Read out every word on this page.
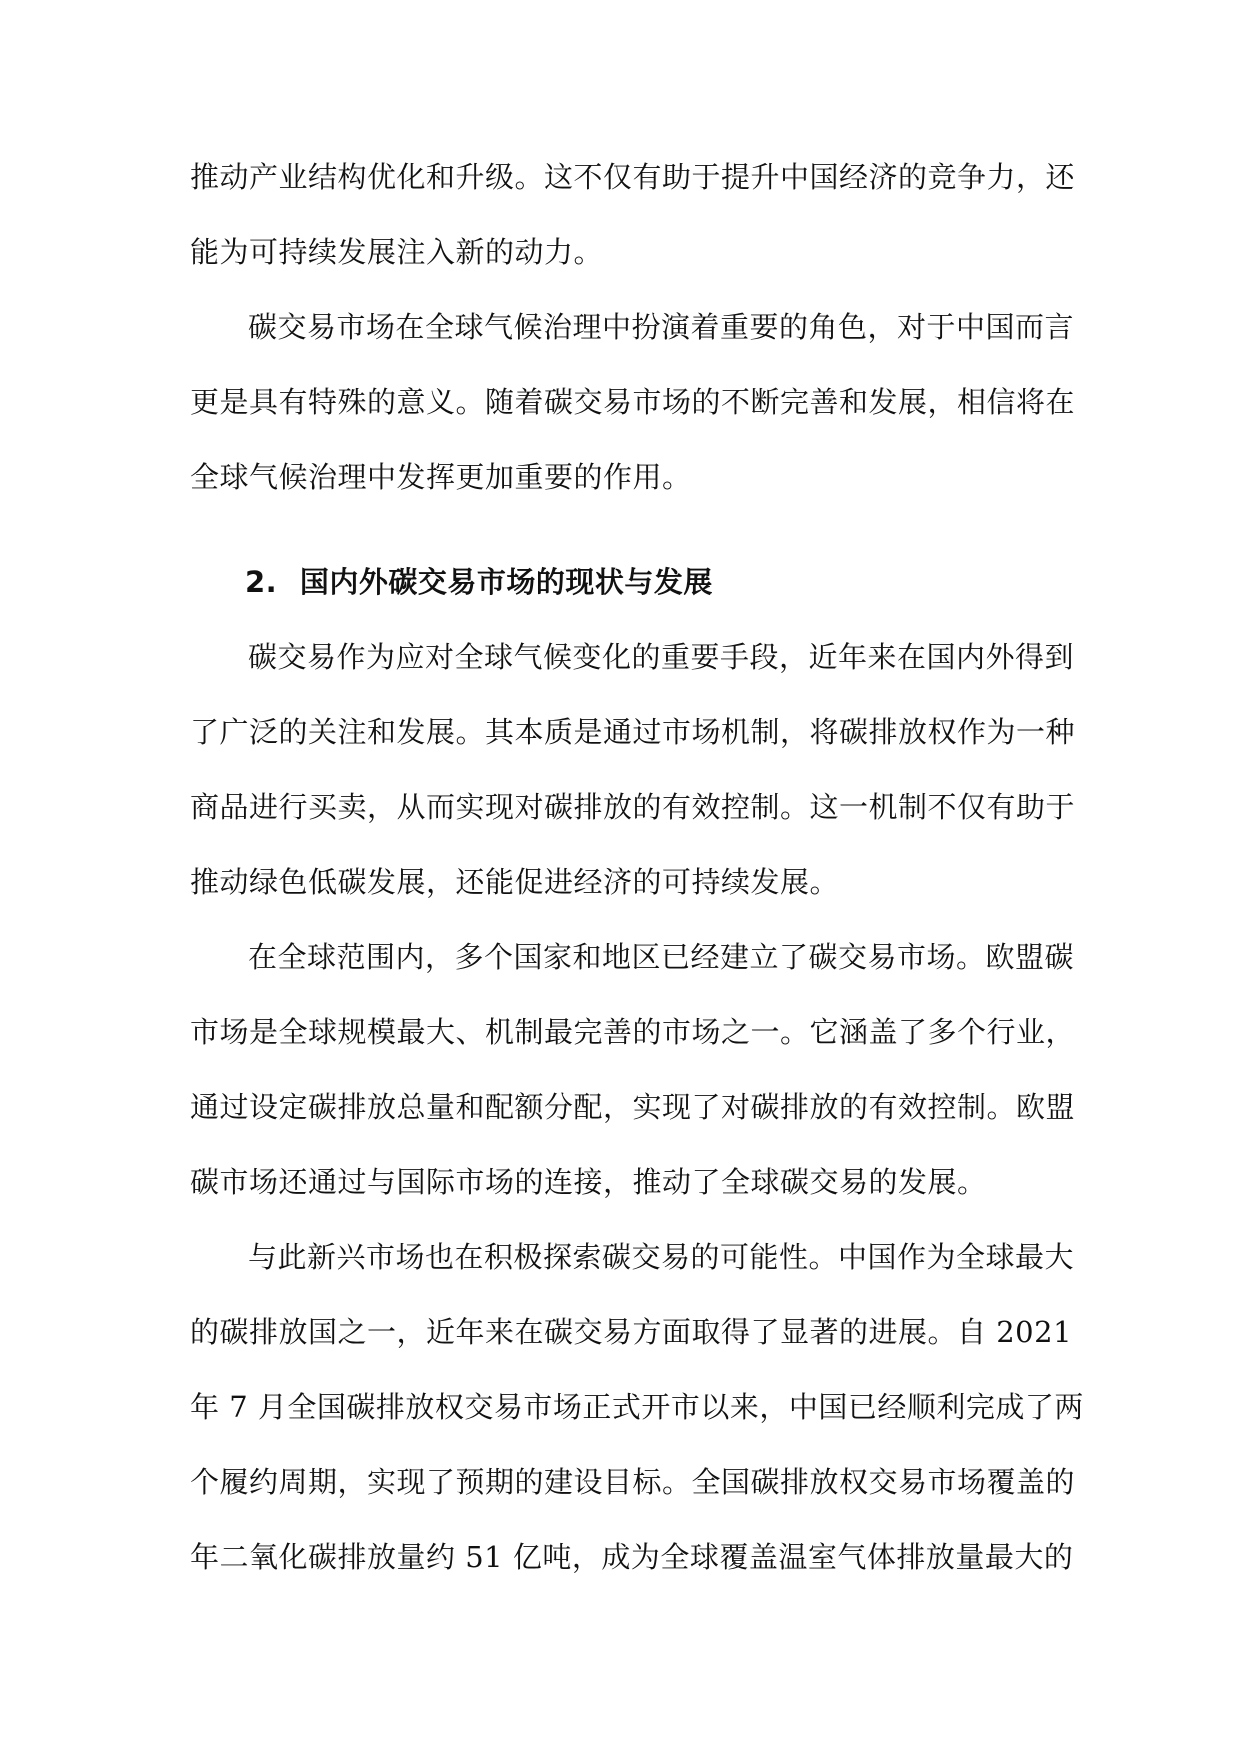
推动产业结构优化和升级。这不仅有助于提升中国经济的竞争力，还
能为可持续发展注入新的动力。

碳交易市场在全球气候治理中扮演着重要的角色，对于中国而言
更是具有特殊的意义。随着碳交易市场的不断完善和发展，相信将在
全球气候治理中发挥更加重要的作用。

2. 国内外碳交易市场的现状与发展

碳交易作为应对全球气候变化的重要手段，近年来在国内外得到
了广泛的关注和发展。其本质是通过市场机制，将碳排放权作为一种
商品进行买卖，从而实现对碳排放的有效控制。这一机制不仅有助于
推动绿色低碳发展，还能促进经济的可持续发展。

在全球范围内，多个国家和地区已经建立了碳交易市场。欧盟碳
市场是全球规模最大、机制最完善的市场之一。它涵盖了多个行业，
通过设定碳排放总量和配额分配，实现了对碳排放的有效控制。欧盟
碳市场还通过与国际市场的连接，推动了全球碳交易的发展。

与此新兴市场也在积极探索碳交易的可能性。中国作为全球最大
的碳排放国之一，近年来在碳交易方面取得了显著的进展。自 2021
年 7 月全国碳排放权交易市场正式开市以来，中国已经顺利完成了两
个履约周期，实现了预期的建设目标。全国碳排放权交易市场覆盖的
年二氧化碳排放量约 51 亿吨，成为全球覆盖温室气体排放量最大的
